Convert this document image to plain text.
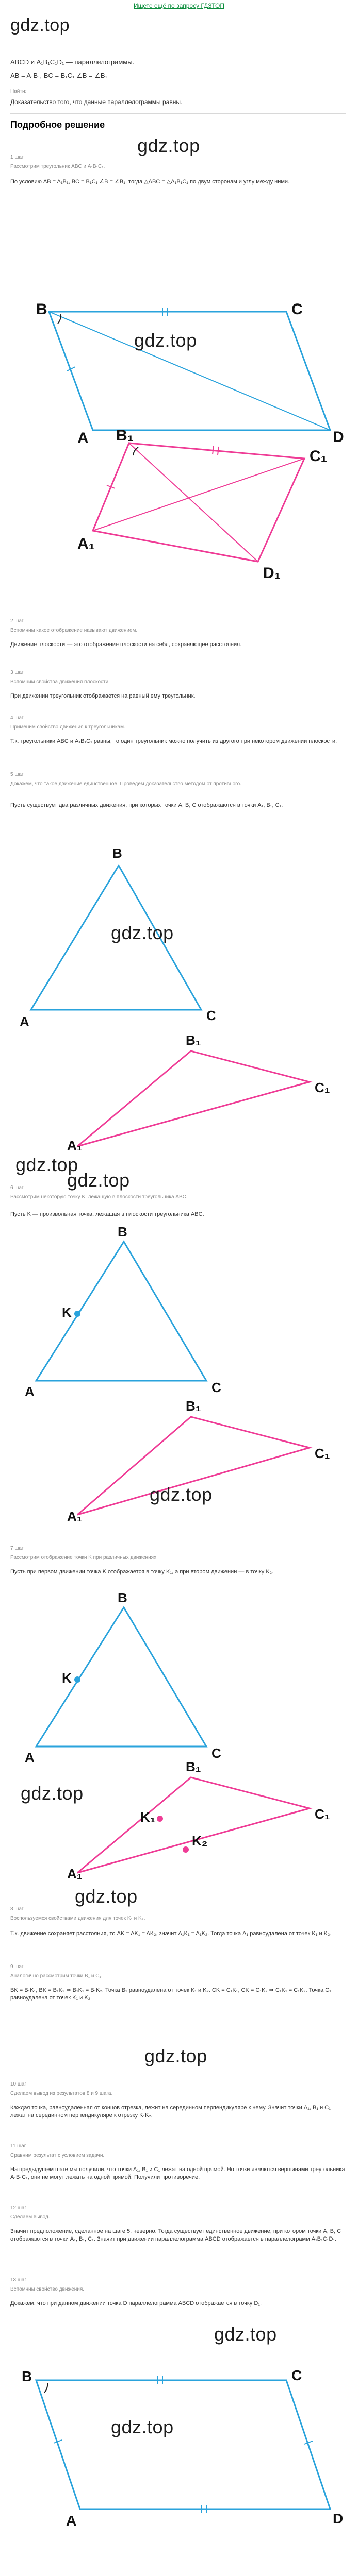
Ищете ещё по запросу ГДЗТОП
gdz.top
ABCD и A₁B₁C₁D₁ — параллелограммы.
AB = A₁B₁, BC = B₁C₁ ∠B = ∠B₁
Найти:
Доказательство того, что данные параллелограммы равны.
Подробное решение
gdz.top
1 шаг
Рассмотрим треугольник ABC и A₁B₁C₁.
По условию AB = A₁B₁, BC = B₁C₁ ∠B = ∠B₁, тогда △ABC = △A₁B₁C₁ по двум сторонам и углу между ними.
B	C
A	D
B₁
C₁
A₁
D₁
gdz.top
2 шаг
Вспомним какое отображение называют движением.
Движение плоскости — это отображение плоскости на себя, сохраняющее расстояния.
3 шаг
Вспомним свойства движения плоскости.
При движении треугольник отображается на равный ему треугольник.
4 шаг
Применим свойство движения к треугольникам.
Т.к. треугольники ABC и A₁B₁C₁ равны, то один треугольник можно получить из другого при некотором движении плоскости.
5 шаг
Докажем, что такое движение единственное. Проведём доказательство методом от противного.
Пусть существует два различных движения, при которых точки A, B, C отображаются в точки A₁, B₁, C₁.
B
A	C
B₁
C₁
A₁
gdz.top
gdz.top
6 шаг
Рассмотрим некоторую точку K, лежащую в плоскости треугольника ABC.
Пусть K — произвольная точка, лежащая в плоскости треугольника ABC.
gdz.top
B
K
A	C
B₁
C₁
A₁
gdz.top
7 шаг
Рассмотрим отображение точки K при различных движениях.
Пусть при первом движении точка K отображается в точку K₁, а при втором движении — в точку K₂.
B
K
A	C
B₁
C₁
K₁
K₂
A₁
gdz.top
gdz.top
8 шаг
Воспользуемся свойствами движения для точек K₁ и K₂.
Т.к. движение сохраняет расстояния, то AK = AK₁ = AK₂, значит A₁K₁ = A₁K₂. Тогда точка A₁ равноудалена от точек K₁ и K₂.
9 шаг
Аналогично рассмотрим точки B₁ и C₁.
BK = B₁K₁, BK = B₁K₂ ⇒ B₁K₁ = B₁K₂. Точка B₁ равноудалена от точек K₁ и K₂. CK = C₁K₁, CK = C₁K₂ ⇒ C₁K₁ = C₁K₂. Точка C₁ равноудалена от точек K₁ и K₂.
gdz.top
10 шаг
Сделаем вывод из результатов 8 и 9 шага.
Каждая точка, равноудалённая от концов отрезка, лежит на серединном перпендикуляре к нему. Значит точки A₁, B₁ и C₁ лежат на серединном перпендикуляре к отрезку K₁K₂.
11 шаг
Сравним результат с условием задачи.
На предыдущем шаге мы получили, что точки A₁, B₁ и C₁ лежат на одной прямой. Но точки являются вершинами треугольника A₁B₁C₁, они не могут лежать на одной прямой. Получили противоречие.
12 шаг
Сделаем вывод.
Значит предположение, сделанное на шаге 5, неверно. Тогда существует единственное движение, при котором точки A, B, C отображаются в точки A₁, B₁, C₁. Значит при движении параллелограмма ABCD отображается в параллелограмм A₁B₁C₁D₁.
13 шаг
Вспомним свойство движения.
Докажем, что при данном движении точка D параллелограмма ABCD отображается в точку D₁.
gdz.top
B	C
A	D
gdz.top
